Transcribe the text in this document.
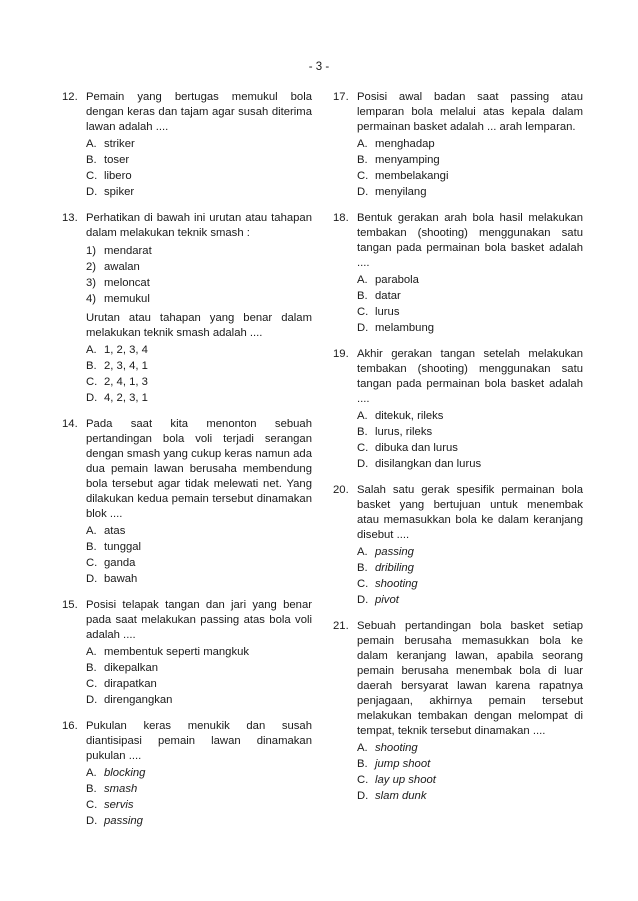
- 3 -
12. Pemain yang bertugas memukul bola dengan keras dan tajam agar susah diterima lawan adalah ....
A. striker
B. toser
C. libero
D. spiker
13. Perhatikan di bawah ini urutan atau tahapan dalam melakukan teknik smash :
1) mendarat
2) awalan
3) meloncat
4) memukul
Urutan atau tahapan yang benar dalam melakukan teknik smash adalah ....
A. 1, 2, 3, 4
B. 2, 3, 4, 1
C. 2, 4, 1, 3
D. 4, 2, 3, 1
14. Pada saat kita menonton sebuah pertandingan bola voli terjadi serangan dengan smash yang cukup keras namun ada dua pemain lawan berusaha membendung bola tersebut agar tidak melewati net. Yang dilakukan kedua pemain tersebut dinamakan blok ....
A. atas
B. tunggal
C. ganda
D. bawah
15. Posisi telapak tangan dan jari yang benar pada saat melakukan passing atas bola voli adalah ....
A. membentuk seperti mangkuk
B. dikepalkan
C. dirapatkan
D. direngangkan
16. Pukulan keras menukik dan susah diantisipasi pemain lawan dinamakan pukulan ....
A. blocking
B. smash
C. servis
D. passing
17. Posisi awal badan saat passing atau lemparan bola melalui atas kepala dalam permainan basket adalah ... arah lemparan.
A. menghadap
B. menyamping
C. membelakangi
D. menyilang
18. Bentuk gerakan arah bola hasil melakukan tembakan (shooting) menggunakan satu tangan pada permainan bola basket adalah ....
A. parabola
B. datar
C. lurus
D. melambung
19. Akhir gerakan tangan setelah melakukan tembakan (shooting) menggunakan satu tangan pada permainan bola basket adalah ....
A. ditekuk, rileks
B. lurus, rileks
C. dibuka dan lurus
D. disilangkan dan lurus
20. Salah satu gerak spesifik permainan bola basket yang bertujuan untuk menembak atau memasukkan bola ke dalam keranjang disebut ....
A. passing
B. dribiling
C. shooting
D. pivot
21. Sebuah pertandingan bola basket setiap pemain berusaha memasukkan bola ke dalam keranjang lawan, apabila seorang pemain berusaha menembak bola di luar daerah bersyarat lawan karena rapatnya penjagaan, akhirnya pemain tersebut melakukan tembakan dengan melompat di tempat, teknik tersebut dinamakan ....
A. shooting
B. jump shoot
C. lay up shoot
D. slam dunk
